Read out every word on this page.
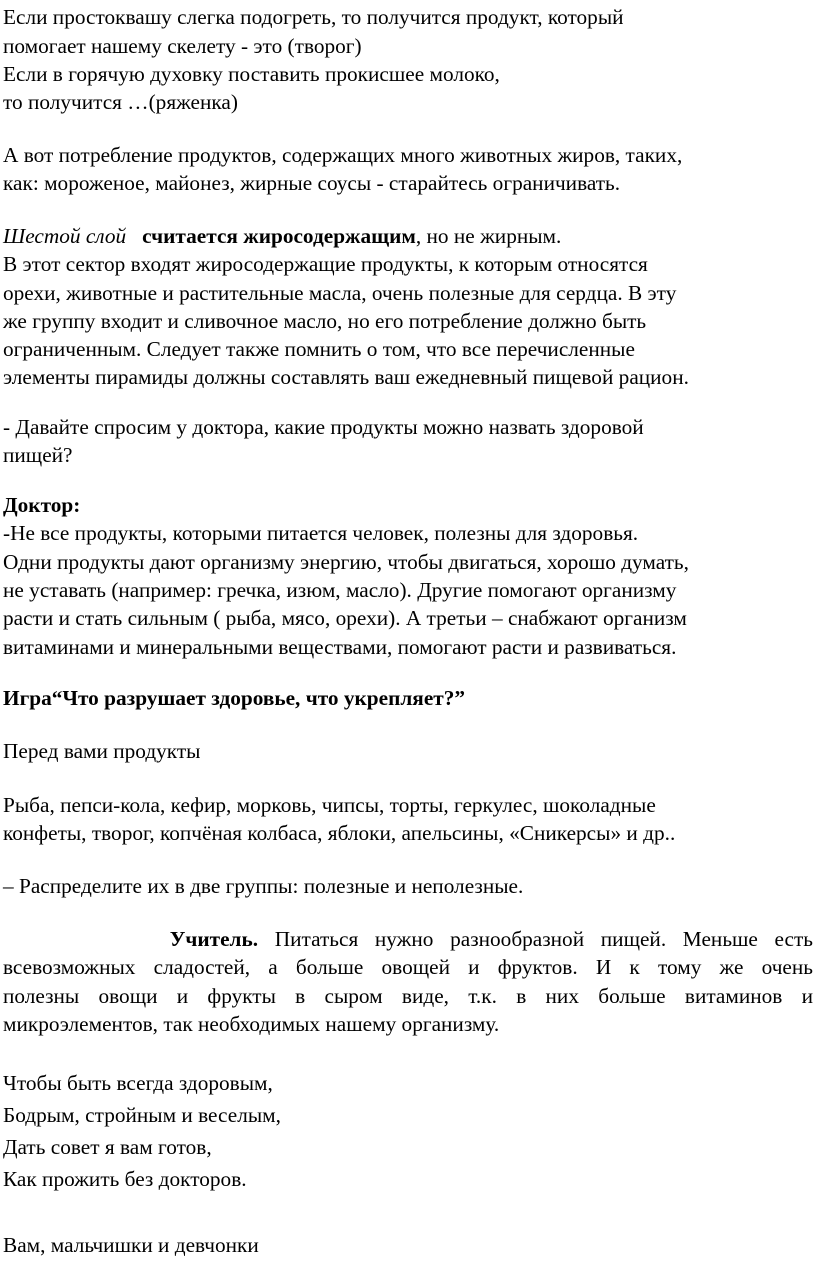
Если простоквашу слегка подогреть, то получится продукт, который
помогает нашему скелету - это (творог)
Если в горячую духовку поставить прокисшее молоко,
то получится …(ряженка)
А вот потребление продуктов, содержащих много животных жиров, таких,
как: мороженое, майонез, жирные соусы - старайтесь ограничивать.
Шестой слой считается жиросодержащим, но не жирным.
В этот сектор входят жиросодержащие продукты, к которым относятся
орехи, животные и растительные масла, очень полезные для сердца. В эту
же группу входит и сливочное масло, но его потребление должно быть
ограниченным. Следует также помнить о том, что все перечисленные
элементы пирамиды должны составлять ваш ежедневный пищевой рацион.
- Давайте спросим у доктора, какие продукты можно назвать здоровой
пищей?
Доктор:
-Не все продукты, которыми питается человек, полезны для здоровья.
Одни продукты дают организму энергию, чтобы двигаться, хорошо думать,
не уставать (например: гречка, изюм, масло). Другие помогают организму
расти и стать сильным ( рыба, мясо, орехи). А третьи – снабжают организм
витаминами и минеральными веществами, помогают расти и развиваться.
Игра“Что разрушает здоровье, что укрепляет?”
Перед вами продукты
Рыба, пепси-кола, кефир, морковь, чипсы, торты, геркулес, шоколадные
конфеты, творог, копчёная колбаса, яблоки, апельсины, «Сникерсы» и др..
– Распределите их в две группы: полезные и неполезные.
Учитель. Питаться нужно разнообразной пищей. Меньше есть
всевозможных сладостей, а больше овощей и фруктов. И к тому же очень
полезны овощи и фрукты в сыром виде, т.к. в них больше витаминов и
микроэлементов, так необходимых нашему организму.
Чтобы быть всегда здоровым,
Бодрым, стройным и веселым,
Дать совет я вам готов,
Как прожить без докторов.
Вам, мальчишки и девчонки
